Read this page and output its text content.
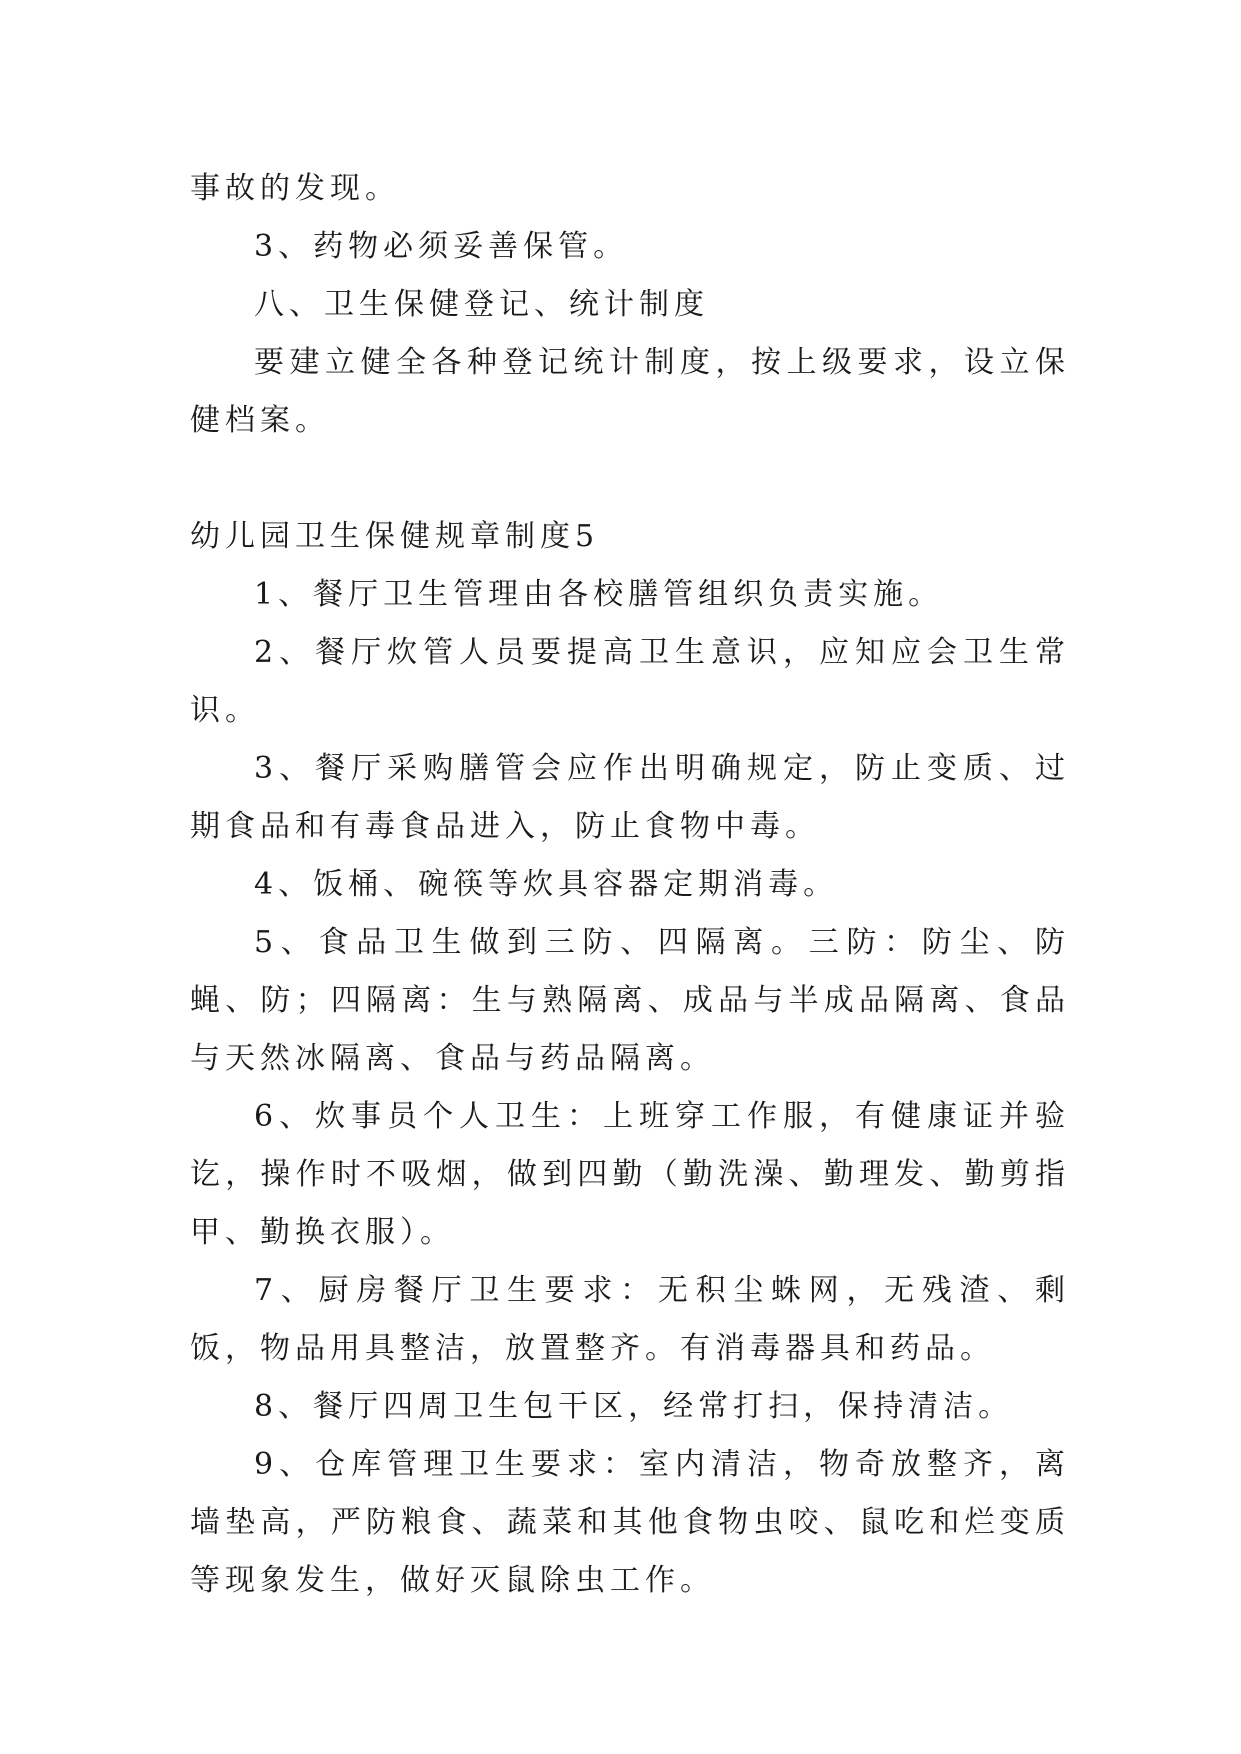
事故的发现。

3、药物必须妥善保管。

八、卫生保健登记、统计制度

要建立健全各种登记统计制度，按上级要求，设立保健档案。

幼儿园卫生保健规章制度5

1、餐厅卫生管理由各校膳管组织负责实施。

2、餐厅炊管人员要提高卫生意识，应知应会卫生常识。

3、餐厅采购膳管会应作出明确规定，防止变质、过期食品和有毒食品进入，防止食物中毒。

4、饭桶、碗筷等炊具容器定期消毒。

5、食品卫生做到三防、四隔离。三防：防尘、防蝇、防；四隔离：生与熟隔离、成品与半成品隔离、食品与天然冰隔离、食品与药品隔离。

6、炊事员个人卫生：上班穿工作服，有健康证并验讫，操作时不吸烟，做到四勤（勤洗澡、勤理发、勤剪指甲、勤换衣服）。

7、厨房餐厅卫生要求：无积尘蛛网，无残渣、剩饭，物品用具整洁，放置整齐。有消毒器具和药品。

8、餐厅四周卫生包干区，经常打扫，保持清洁。

9、仓库管理卫生要求：室内清洁，物奇放整齐，离墙垫高，严防粮食、蔬菜和其他食物虫咬、鼠吃和烂变质等现象发生，做好灭鼠除虫工作。
